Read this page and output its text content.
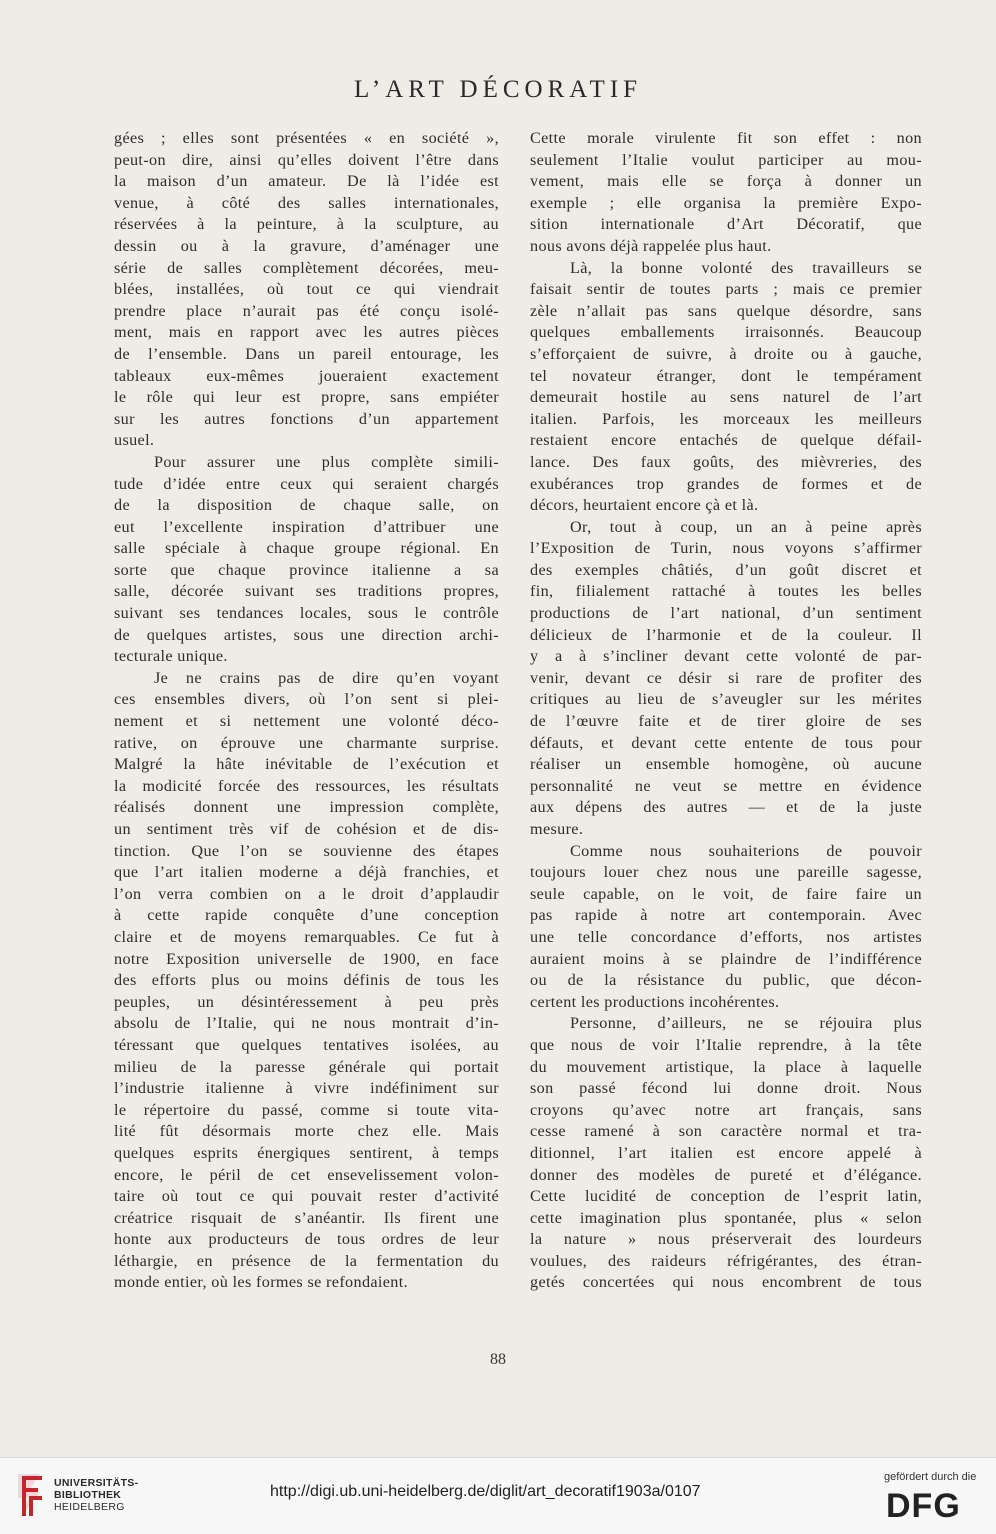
L’ART DÉCORATIF
gées ; elles sont présentées « en société »,
peut-on dire, ainsi qu’elles doivent l’être dans
la maison d’un amateur. De là l’idée est
venue, à côté des salles internationales,
réservées à la peinture, à la sculpture, au
dessin ou à la gravure, d’aménager une
série de salles complètement décorées, meu-
blées, installées, où tout ce qui viendrait
prendre place n’aurait pas été conçu isolé-
ment, mais en rapport avec les autres pièces
de l’ensemble. Dans un pareil entourage, les
tableaux eux-mêmes joueraient exactement
le rôle qui leur est propre, sans empiéter
sur les autres fonctions d’un appartement
usuel.
Pour assurer une plus complète simili-
tude d’idée entre ceux qui seraient chargés
de la disposition de chaque salle, on
eut l’excellente inspiration d’attribuer une
salle spéciale à chaque groupe régional. En
sorte que chaque province italienne a sa
salle, décorée suivant ses traditions propres,
suivant ses tendances locales, sous le contrôle
de quelques artistes, sous une direction archi-
tecturale unique.
Je ne crains pas de dire qu’en voyant
ces ensembles divers, où l’on sent si plei-
nement et si nettement une volonté déco-
rative, on éprouve une charmante surprise.
Malgré la hâte inévitable de l’exécution et
la modicité forcée des ressources, les résultats
réalisés donnent une impression complète,
un sentiment très vif de cohésion et de dis-
tinction. Que l’on se souvienne des étapes
que l’art italien moderne a déjà franchies, et
l’on verra combien on a le droit d’applaudir
à cette rapide conquête d’une conception
claire et de moyens remarquables. Ce fut à
notre Exposition universelle de 1900, en face
des efforts plus ou moins définis de tous les
peuples, un désintéressement à peu près
absolu de l’Italie, qui ne nous montrait d’in-
téressant que quelques tentatives isolées, au
milieu de la paresse générale qui portait
l’industrie italienne à vivre indéfiniment sur
le répertoire du passé, comme si toute vita-
lité fût désormais morte chez elle. Mais
quelques esprits énergiques sentirent, à temps
encore, le péril de cet ensevelissement volon-
taire où tout ce qui pouvait rester d’activité
créatrice risquait de s’anéantir. Ils firent une
honte aux producteurs de tous ordres de leur
léthargie, en présence de la fermentation du
monde entier, où les formes se refondaient.
Cette morale virulente fit son effet : non
seulement l’Italie voulut participer au mou-
vement, mais elle se força à donner un
exemple ; elle organisa la première Expo-
sition internationale d’Art Décoratif, que
nous avons déjà rappelée plus haut.
Là, la bonne volonté des travailleurs se
faisait sentir de toutes parts ; mais ce premier
zèle n’allait pas sans quelque désordre, sans
quelques emballements irraisonnés. Beaucoup
s’efforçaient de suivre, à droite ou à gauche,
tel novateur étranger, dont le tempérament
demeurait hostile au sens naturel de l’art
italien. Parfois, les morceaux les meilleurs
restaient encore entachés de quelque défail-
lance. Des faux goûts, des mièvreries, des
exubérances trop grandes de formes et de
décors, heurtaient encore çà et là.
Or, tout à coup, un an à peine après
l’Exposition de Turin, nous voyons s’affirmer
des exemples châtiés, d’un goût discret et
fin, filialement rattaché à toutes les belles
productions de l’art national, d’un sentiment
délicieux de l’harmonie et de la couleur. Il
y a à s’incliner devant cette volonté de par-
venir, devant ce désir si rare de profiter des
critiques au lieu de s’aveugler sur les mérites
de l’œuvre faite et de tirer gloire de ses
défauts, et devant cette entente de tous pour
réaliser un ensemble homogène, où aucune
personnalité ne veut se mettre en évidence
aux dépens des autres — et de la juste
mesure.
Comme nous souhaiterions de pouvoir
toujours louer chez nous une pareille sagesse,
seule capable, on le voit, de faire faire un
pas rapide à notre art contemporain. Avec
une telle concordance d’efforts, nos artistes
auraient moins à se plaindre de l’indifférence
ou de la résistance du public, que décon-
certent les productions incohérentes.
Personne, d’ailleurs, ne se réjouira plus
que nous de voir l’Italie reprendre, à la tête
du mouvement artistique, la place à laquelle
son passé fécond lui donne droit. Nous
croyons qu’avec notre art français, sans
cesse ramené à son caractère normal et tra-
ditionnel, l’art italien est encore appelé à
donner des modèles de pureté et d’élégance.
Cette lucidité de conception de l’esprit latin,
cette imagination plus spontanée, plus « selon
la nature » nous préserverait des lourdeurs
voulues, des raideurs réfrigérantes, des étran-
getés concertées qui nous encombrent de tous
88
UNIVERSITÄTS-
BIBLIOTHEK
HEIDELBERG
http://digi.ub.uni-heidelberg.de/diglit/art_decoratif1903a/0107
gefördert durch die
DFG
